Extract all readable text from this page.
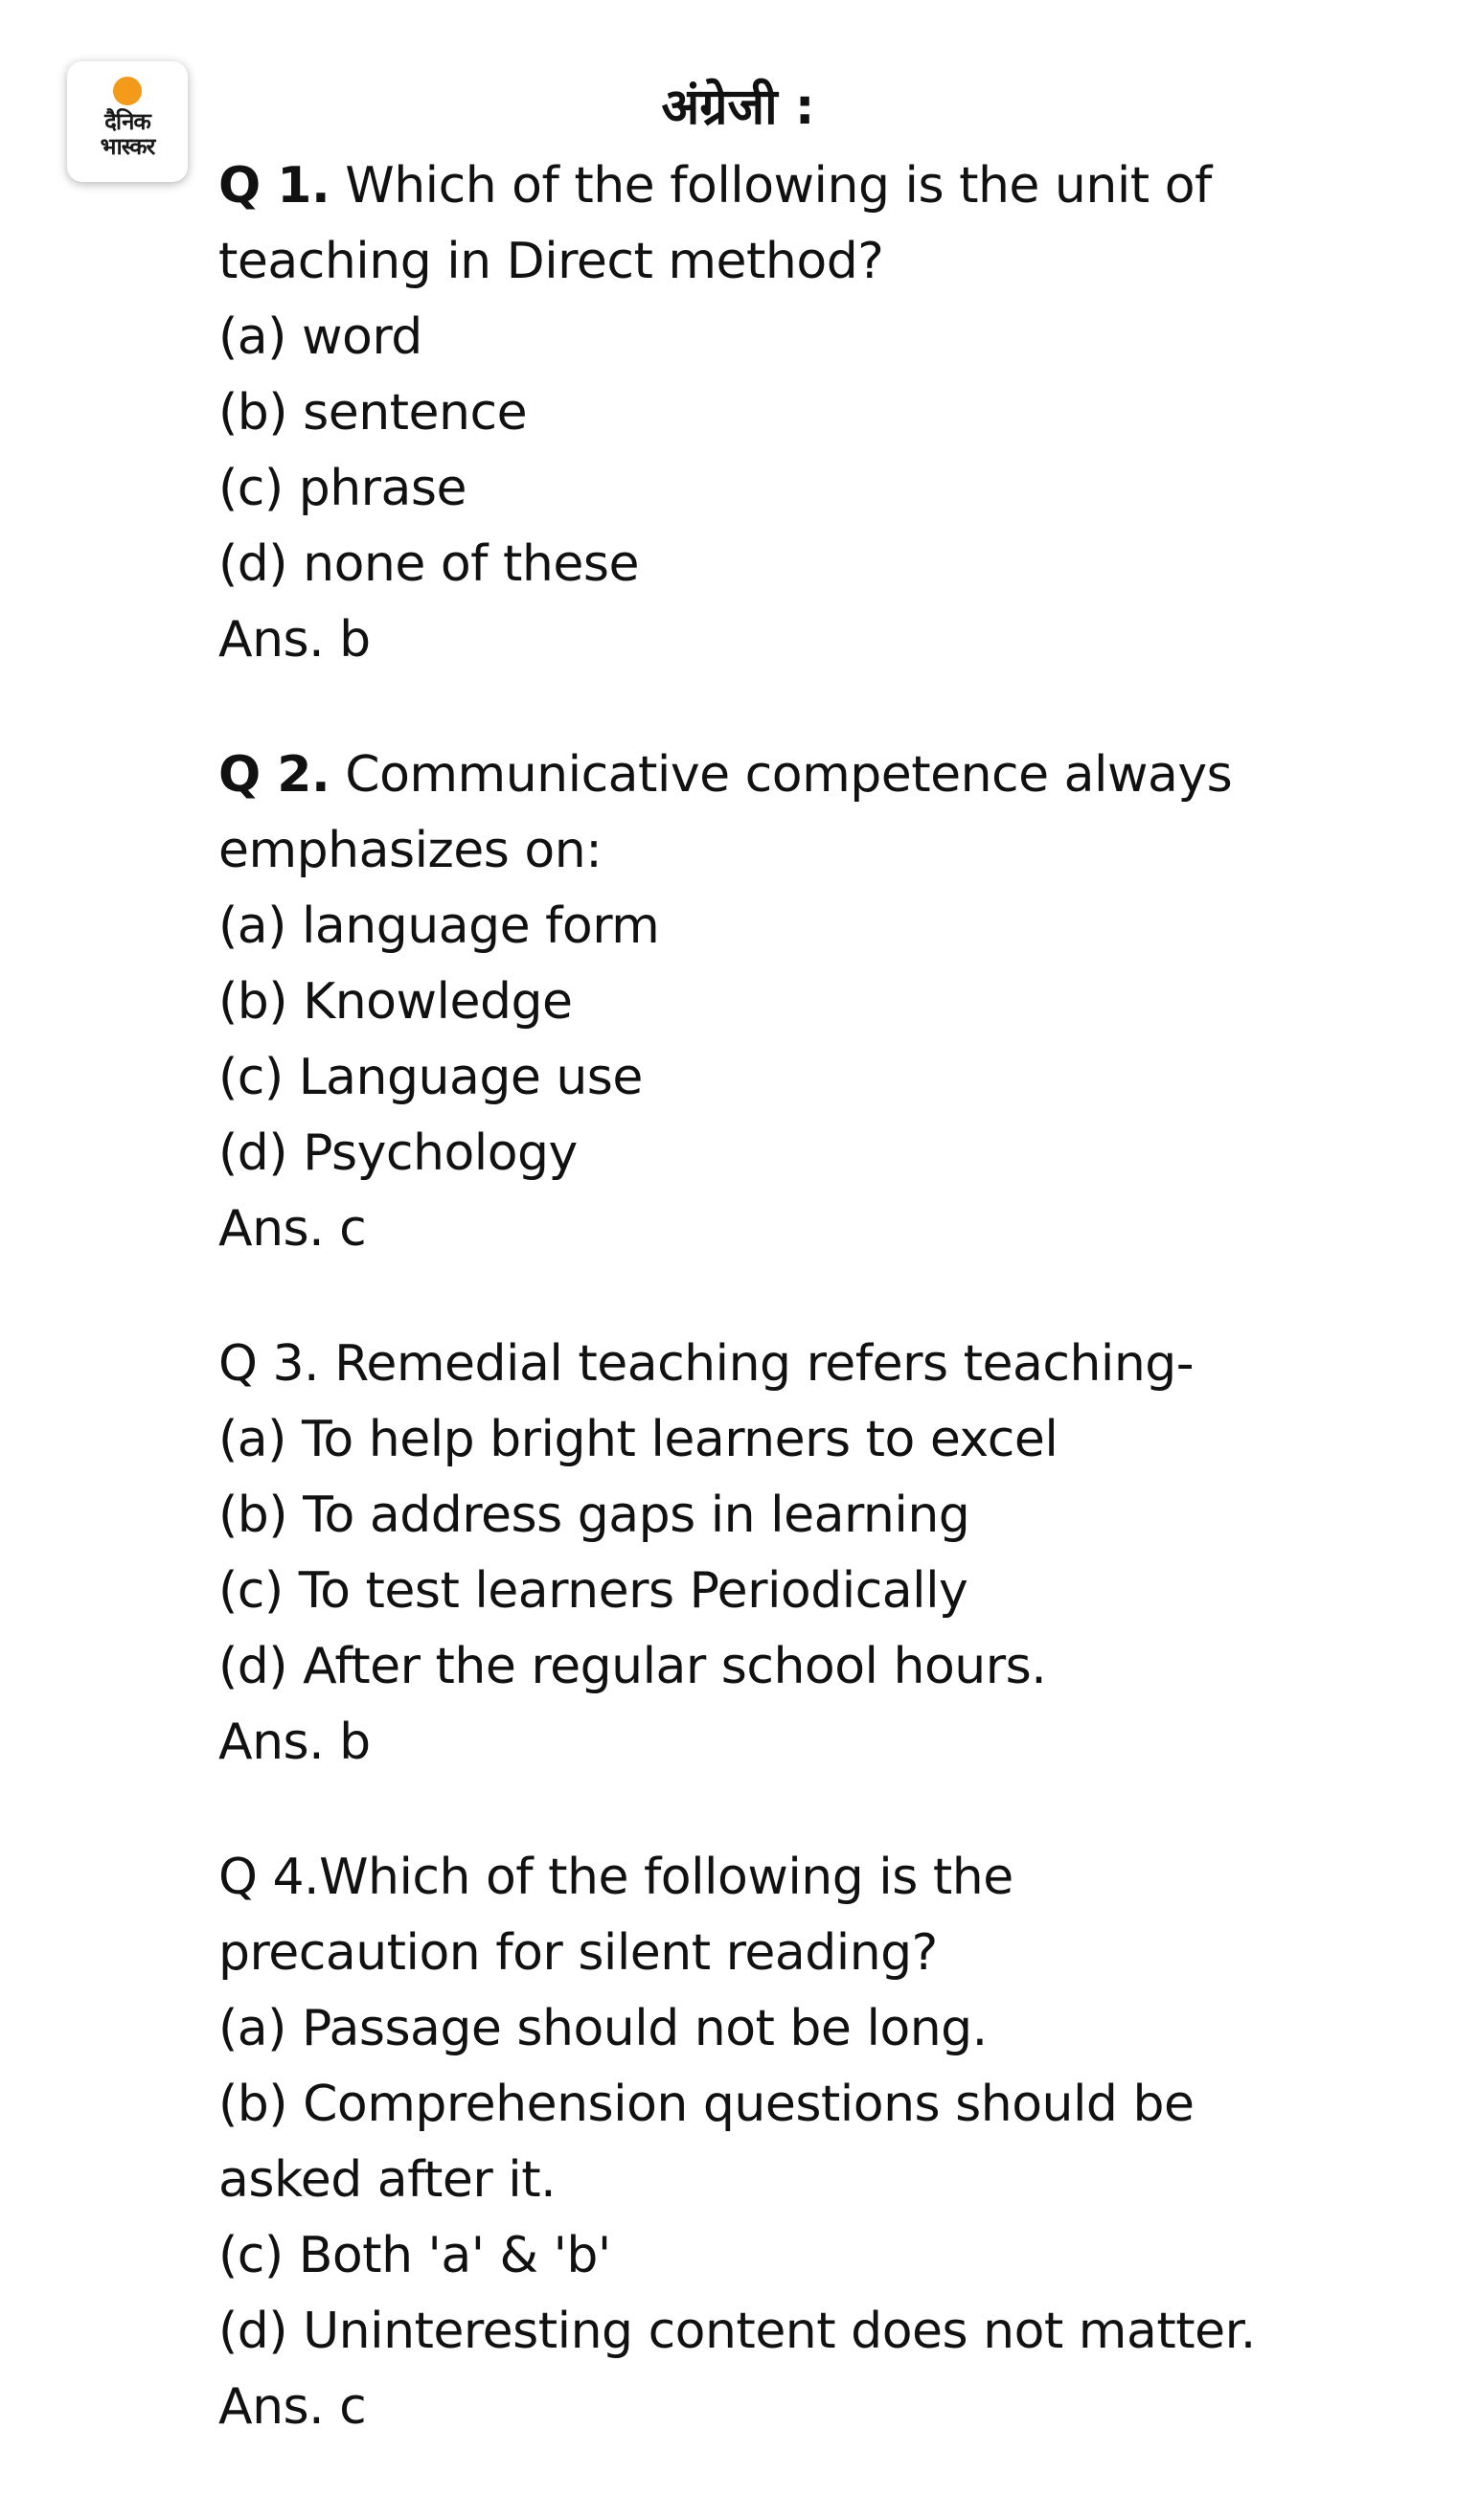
दैनिक
भास्कर
अंग्रेजी :
Q 1. Which of the following is the unit of
teaching in Direct method?
(a) word
(b) sentence
(c) phrase
(d) none of these
Ans. b
Q 2. Communicative competence always
emphasizes on:
(a) language form
(b) Knowledge
(c) Language use
(d) Psychology
Ans. c
Q 3. Remedial teaching refers teaching-
(a) To help bright learners to excel
(b) To address gaps in learning
(c) To test learners Periodically
(d) After the regular school hours.
Ans. b
Q 4.Which of the following is the
precaution for silent reading?
(a) Passage should not be long.
(b) Comprehension questions should be
asked after it.
(c) Both 'a' & 'b'
(d) Uninteresting content does not matter.
Ans. c
